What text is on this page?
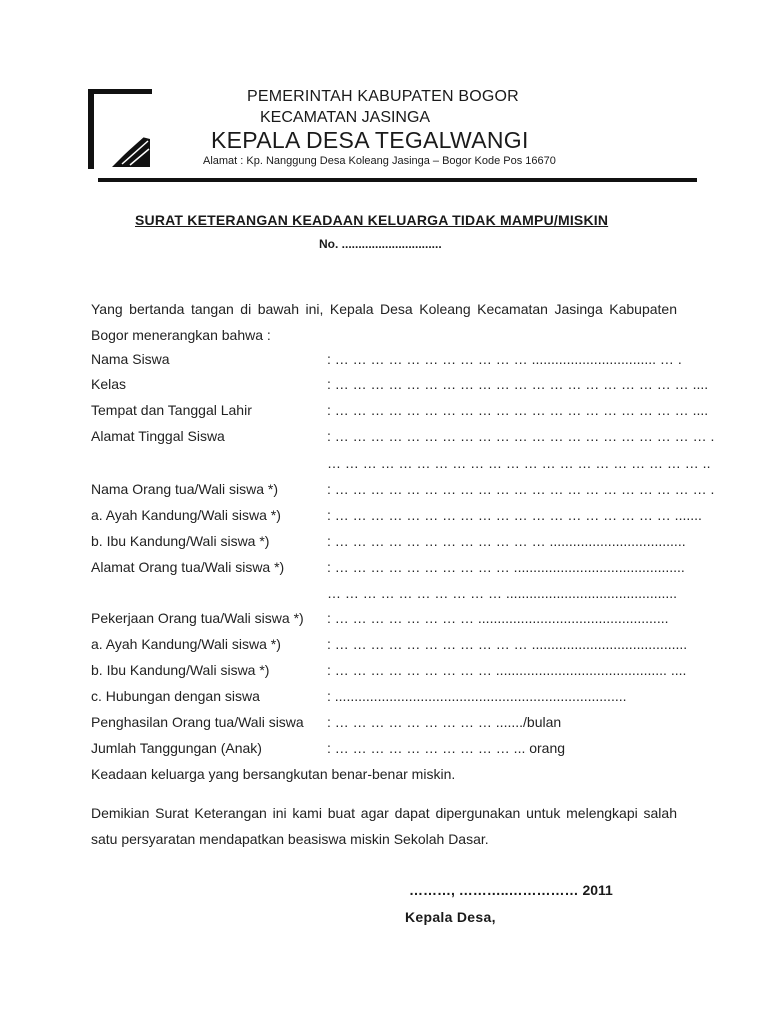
PEMERINTAH KABUPATEN BOGOR
KECAMATAN JASINGA
KEPALA DESA TEGALWANGI
Alamat : Kp. Nanggung Desa Koleang Jasinga – Bogor Kode Pos 16670
SURAT KETERANGAN KEADAAN KELUARGA TIDAK MAMPU/MISKIN
No. ..............................
Yang bertanda tangan di bawah ini, Kepala Desa Koleang Kecamatan Jasinga Kabupaten Bogor menerangkan bahwa :
Nama Siswa	: … … … … … … … … … … … ................................ … .
Kelas	: … … … … … … … … … … … … … … … … … … … … ....
Tempat dan Tanggal Lahir	: … … … … … … … … … … … … … … … … … … … … ....
Alamat Tinggal Siswa	: … … … … … … … … … … … … … … … … … … … … … .
… … … … … … … … … … … … … … … … … … … … … ..
Nama Orang tua/Wali siswa *)	: … … … … … … … … … … … … … … … … … … … … … .
a. Ayah Kandung/Wali siswa *)	: … … … … … … … … … … … … … … … … … … … .......
b. Ibu Kandung/Wali siswa *)	: … … … … … … … … … … … … ...................................
Alamat Orang tua/Wali siswa *)	: … … … … … … … … … … ............................................
… … … … … … … … … … ............................................
Pekerjaan Orang tua/Wali siswa *) : … … … … … … … … .................................................
a. Ayah Kandung/Wali siswa *)	: … … … … … … … … … … … ........................................
b. Ibu Kandung/Wali siswa *)	: … … … … … … … … … ............................................ ....
c. Hubungan dengan siswa	: ...........................................................................
Penghasilan Orang tua/Wali siswa : … … … … … … … … … ......./bulan
Jumlah Tanggungan (Anak)	: … … … … … … … … … … ... orang
Keadaan keluarga yang bersangkutan benar-benar miskin.
Demikian Surat Keterangan ini kami buat agar dapat dipergunakan untuk melengkapi salah satu persyaratan mendapatkan beasiswa miskin Sekolah Dasar.
………, ………..…………… 2011
Kepala Desa,
